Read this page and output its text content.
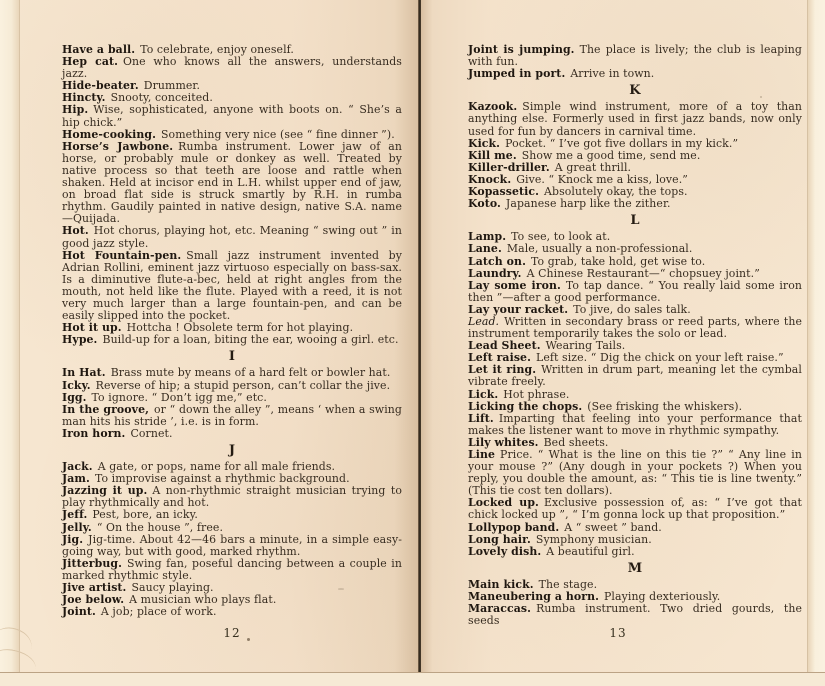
Have a ball. To celebrate, enjoy oneself.

Hep cat. One who knows all the answers, understands jazz.

Hide-beater. Drummer.

Hincty. Snooty, conceited.

Hip. Wise, sophisticated, anyone with boots on. “ She’s a hip chick.”

Home-cooking. Something very nice (see “ fine dinner ”).

Horse’s Jawbone. Rumba instrument. Lower jaw of an horse, or probably mule or donkey as well. Treated by native process so that teeth are loose and rattle when shaken. Held at incisor end in L.H. whilst upper end of jaw, on broad flat side is struck smartly by R.H. in rumba rhythm. Gaudily painted in native design, native S.A. name—Quijada.

Hot. Hot chorus, playing hot, etc. Meaning “ swing out ” in good jazz style.

Hot Fountain-pen. Small jazz instrument invented by Adrian Rollini, eminent jazz virtuoso especially on bass-sax. Is a diminutive flute-a-bec, held at right angles from the mouth, not held like the flute. Played with a reed, it is not very much larger than a large fountain-pen, and can be easily slipped into the pocket.

Hot it up. Hottcha ! Obsolete term for hot playing.

Hype. Build-up for a loan, biting the ear, wooing a girl. etc.

I

In Hat. Brass mute by means of a hard felt or bowler hat.

Icky. Reverse of hip; a stupid person, can’t collar the jive.

Igg. To ignore. “ Don’t igg me,” etc.

In the groove, or “ down the alley ”, means ‘ when a swing man hits his stride ’, i.e. is in form.

Iron horn. Cornet.

J

Jack. A gate, or pops, name for all male friends.

Jam. To improvise against a rhythmic background.

Jazzing it up. A non-rhythmic straight musician trying to play rhythmically and hot.

Jeff. Pest, bore, an icky.

Jelly. “ On the house ”, free.

Jig. Jig-time. About 42—46 bars a minute, in a simple easy-going way, but with good, marked rhythm.

Jitterbug. Swing fan, poseful dancing between a couple in marked rhythmic style.

Jive artist. Saucy playing.

Joe below. A musician who plays flat.

Joint. A job; place of work.

12

Joint is jumping. The place is lively; the club is leaping with fun.

Jumped in port. Arrive in town.

K

Kazook. Simple wind instrument, more of a toy than anything else. Formerly used in first jazz bands, now only used for fun by dancers in carnival time.

Kick. Pocket. “ I’ve got five dollars in my kick.”

Kill me. Show me a good time, send me.

Killer-driller. A great thrill.

Knock. Give. “ Knock me a kiss, love.”

Kopassetic. Absolutely okay, the tops.

Koto. Japanese harp like the zither.

L

Lamp. To see, to look at.

Lane. Male, usually a non-professional.

Latch on. To grab, take hold, get wise to.

Laundry. A Chinese Restaurant—“ chopsuey joint.”

Lay some iron. To tap dance. “ You really laid some iron then ”—after a good performance.

Lay your racket. To jive, do sales talk.

Lead. Written in secondary brass or reed parts, where the instrument temporarily takes the solo or lead.

Lead Sheet. Wearing Tails.

Left raise. Left size. “ Dig the chick on your left raise.”

Let it ring. Written in drum part, meaning let the cymbal vibrate freely.

Lick. Hot phrase.

Licking the chops. (See frisking the whiskers).

Lift. Imparting that feeling into your performance that makes the listener want to move in rhythmic sympathy.

Lily whites. Bed sheets.

Line Price. “ What is the line on this tie ?” “ Any line in your mouse ?” (Any dough in your pockets ?) When you reply, you double the amount, as: “ This tie is line twenty.” (This tie cost ten dollars).

Locked up. Exclusive possession of, as: “ I’ve got that chick locked up ”, “ I’m gonna lock up that proposition.”

Lollypop band. A “ sweet ” band.

Long hair. Symphony musician.

Lovely dish. A beautiful girl.

M

Main kick. The stage.

Maneubering a horn. Playing dexteriously.

Maraccas. Rumba instrument. Two dried gourds, the seeds

13
